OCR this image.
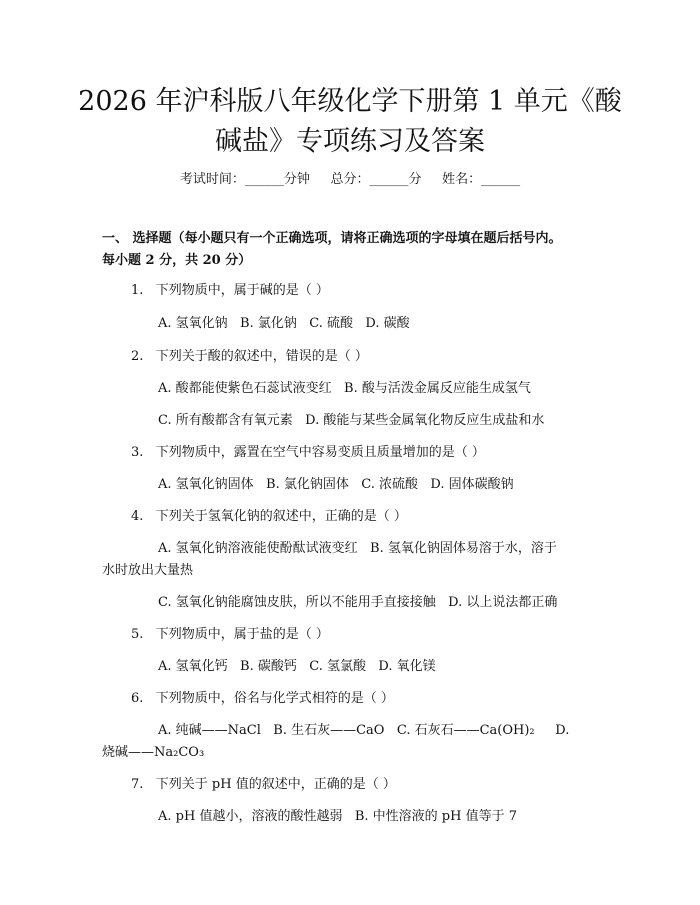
2026 年沪科版八年级化学下册第 1 单元《酸
碱盐》专项练习及答案
考试时间：______分钟     总分：______分     姓名：______
一、 选择题（每小题只有一个正确选项，请将正确选项的字母填在题后括号内。
每小题 2 分，共 20 分）
1.   下列物质中，属于碱的是（ ）
A. 氢氧化钠   B. 氯化钠   C. 硫酸   D. 碳酸
2.   下列关于酸的叙述中，错误的是（ ）
A. 酸都能使紫色石蕊试液变红   B. 酸与活泼金属反应能生成氢气
C. 所有酸都含有氧元素   D. 酸能与某些金属氧化物反应生成盐和水
3.   下列物质中，露置在空气中容易变质且质量增加的是（ ）
A. 氢氧化钠固体   B. 氯化钠固体   C. 浓硫酸   D. 固体碳酸钠
4.   下列关于氢氧化钠的叙述中，正确的是（ ）
A. 氢氧化钠溶液能使酚酞试液变红   B. 氢氧化钠固体易溶于水，溶于
水时放出大量热
C. 氢氧化钠能腐蚀皮肤，所以不能用手直接接触   D. 以上说法都正确
5.   下列物质中，属于盐的是（ ）
A. 氢氧化钙   B. 碳酸钙   C. 氢氯酸   D. 氧化镁
6.   下列物质中，俗名与化学式相符的是（ ）
A. 纯碱——NaCl   B. 生石灰——CaO   C. 石灰石——Ca(OH)₂     D.
烧碱——Na₂CO₃
7.   下列关于 pH 值的叙述中，正确的是（ ）
A. pH 值越小，溶液的酸性越弱   B. 中性溶液的 pH 值等于 7
